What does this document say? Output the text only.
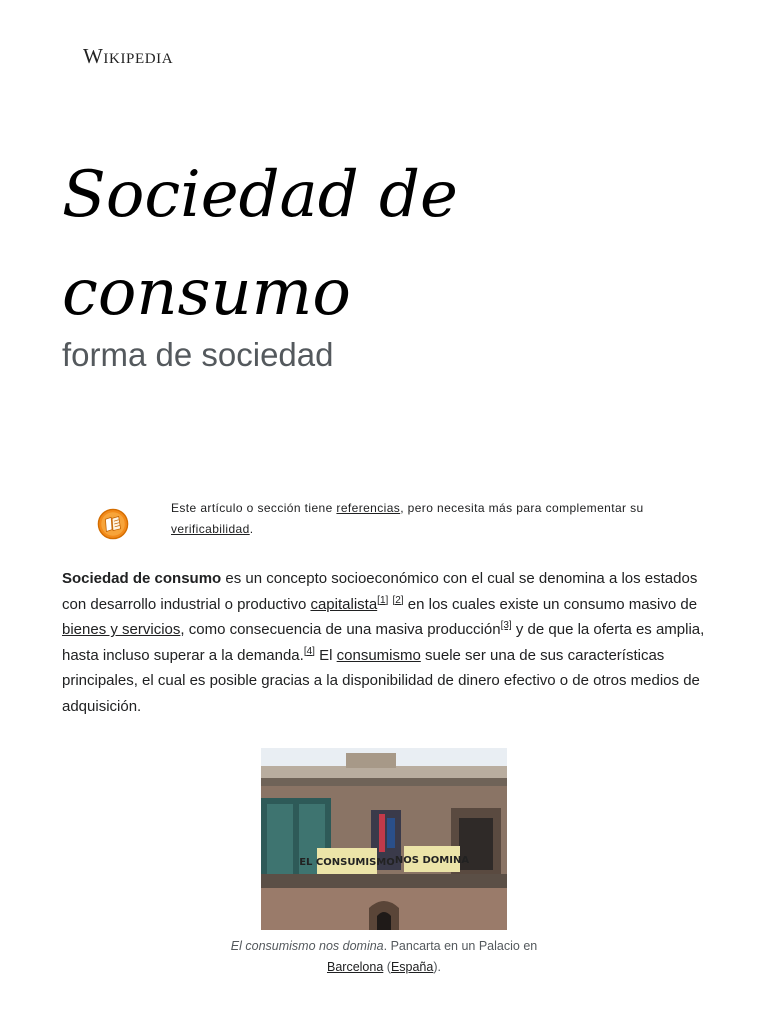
Wikipedia
Sociedad de
consumo
forma de sociedad
Este artículo o sección tiene referencias, pero necesita más para complementar su verificabilidad.

Sociedad de consumo es un concepto socioeconómico con el cual se denomina a los estados con desarrollo industrial o productivo capitalista[1] [2] en los cuales existe un consumo masivo de bienes y servicios, como consecuencia de una masiva producción[3] y de que la oferta es amplia, hasta incluso superar a la demanda.[4] El consumismo suele ser una de sus características principales, el cual es posible gracias a la disponibilidad de dinero efectivo o de otros medios de adquisición.

EL CONSUMISMO NOS DOMINA
El consumismo nos domina. Pancarta en un Palacio en Barcelona (España).
